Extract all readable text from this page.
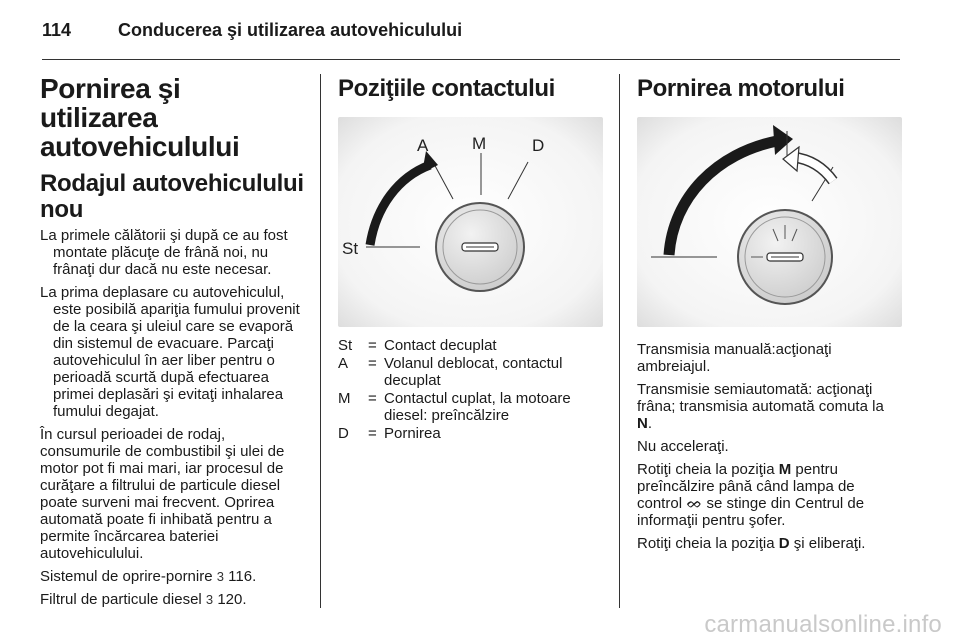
114	Conducerea şi utilizarea autovehiculului
Pornirea şi utilizarea autovehiculului
Rodajul autovehiculului nou

La primele călătorii şi după ce au fost montate plăcuţe de frână noi, nu frânaţi dur dacă nu este necesar.

La prima deplasare cu autovehiculul, este posibilă apariţia fumului provenit de la ceara şi uleiul care se evaporă din sistemul de evacuare. Parcaţi autovehiculul în aer liber pentru o perioadă scurtă după efectuarea primei deplasări şi evitaţi inhalarea fumului degajat.

În cursul perioadei de rodaj, consumurile de combustibil şi ulei de motor pot fi mai mari, iar procesul de curăţare a filtrului de particule diesel poate surveni mai frecvent. Oprirea automată poate fi inhibată pentru a permite încărcarea bateriei autovehiculului.

Sistemul de oprire-pornire 3 116.

Filtrul de particule diesel 3 120.

Poziţiile contactului
A	M	D
St
St	=	Contact decuplat
A	=	Volanul deblocat, contactul decuplat
M	=	Contactul cuplat, la motoare diesel: preîncălzire
D	=	Pornirea
Pornirea motorului

Transmisia manuală:acţionaţi ambreiajul.

Transmisie semiautomată: acţionaţi frâna; transmisia automată comuta la
N.

Nu acceleraţi.

Rotiţi cheia la poziţia M pentru preîncălzire până când lampa de control ᨖ se stinge din Centrul de informaţii pentru şofer.

Rotiţi cheia la poziţia D şi eliberaţi.

carmanualsonline.info
